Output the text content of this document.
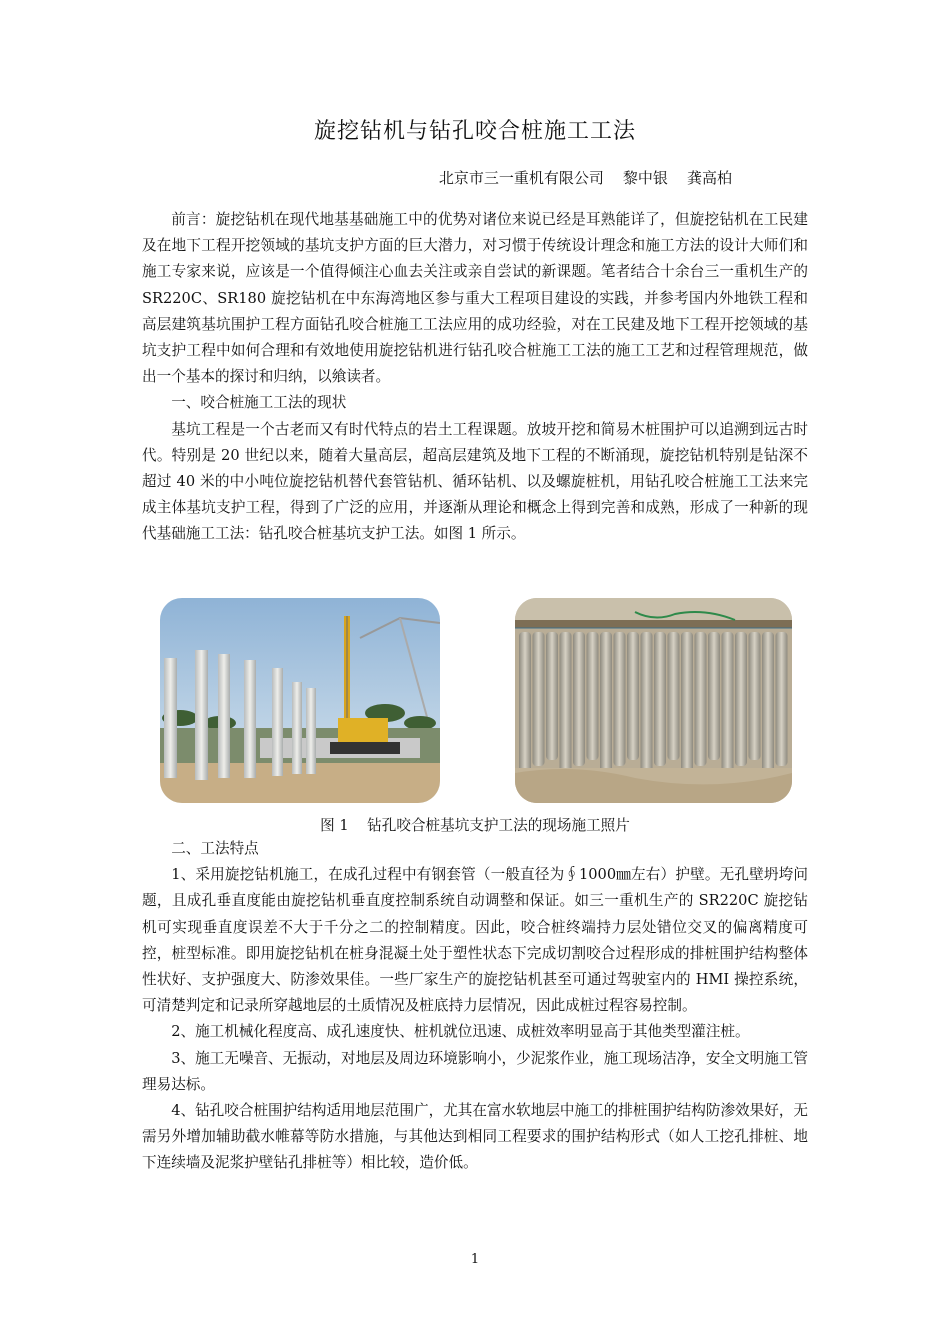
旋挖钻机与钻孔咬合桩施工工法
北京市三一重机有限公司    黎中银    龚高柏

前言：旋挖钻机在现代地基基础施工中的优势对诸位来说已经是耳熟能详了，但旋挖钻机在工民建及在地下工程开挖领域的基坑支护方面的巨大潜力，对习惯于传统设计理念和施工方法的设计大师们和施工专家来说，应该是一个值得倾注心血去关注或亲自尝试的新课题。笔者结合十余台三一重机生产的 SR220C、SR180 旋挖钻机在中东海湾地区参与重大工程项目建设的实践，并参考国内外地铁工程和高层建筑基坑围护工程方面钻孔咬合桩施工工法应用的成功经验，对在工民建及地下工程开挖领域的基坑支护工程中如何合理和有效地使用旋挖钻机进行钻孔咬合桩施工工法的施工工艺和过程管理规范，做出一个基本的探讨和归纳，以飨读者。

一、咬合桩施工工法的现状

基坑工程是一个古老而又有时代特点的岩土工程课题。放坡开挖和简易木桩围护可以追溯到远古时代。特别是 20 世纪以来，随着大量高层，超高层建筑及地下工程的不断涌现，旋挖钻机特别是钻深不超过 40 米的中小吨位旋挖钻机替代套管钻机、循环钻机、以及螺旋桩机，用钻孔咬合桩施工工法来完成主体基坑支护工程，得到了广泛的应用，并逐渐从理论和概念上得到完善和成熟，形成了一种新的现代基础施工工法：钻孔咬合桩基坑支护工法。如图 1 所示。

二、工法特点

1、采用旋挖钻机施工，在成孔过程中有钢套管（一般直径为∮1000㎜左右）护壁。无孔壁坍垮问题，且成孔垂直度能由旋挖钻机垂直度控制系统自动调整和保证。如三一重机生产的 SR220C 旋挖钻机可实现垂直度误差不大于千分之二的控制精度。因此，咬合桩终端持力层处错位交叉的偏离精度可控，桩型标准。即用旋挖钻机在桩身混凝土处于塑性状态下完成切割咬合过程形成的排桩围护结构整体性状好、支护强度大、防渗效果佳。一些厂家生产的旋挖钻机甚至可通过驾驶室内的 HMI 操控系统，可清楚判定和记录所穿越地层的土质情况及桩底持力层情况，因此成桩过程容易控制。

2、施工机械化程度高、成孔速度快、桩机就位迅速、成桩效率明显高于其他类型灌注桩。

3、施工无噪音、无振动，对地层及周边环境影响小，少泥浆作业，施工现场洁净，安全文明施工管理易达标。

4、钻孔咬合桩围护结构适用地层范围广，尤其在富水软地层中施工的排桩围护结构防渗效果好，无需另外增加辅助截水帷幕等防水措施，与其他达到相同工程要求的围护结构形式（如人工挖孔排桩、地下连续墙及泥浆护壁钻孔排桩等）相比较，造价低。

图 1    钻孔咬合桩基坑支护工法的现场施工照片
1
